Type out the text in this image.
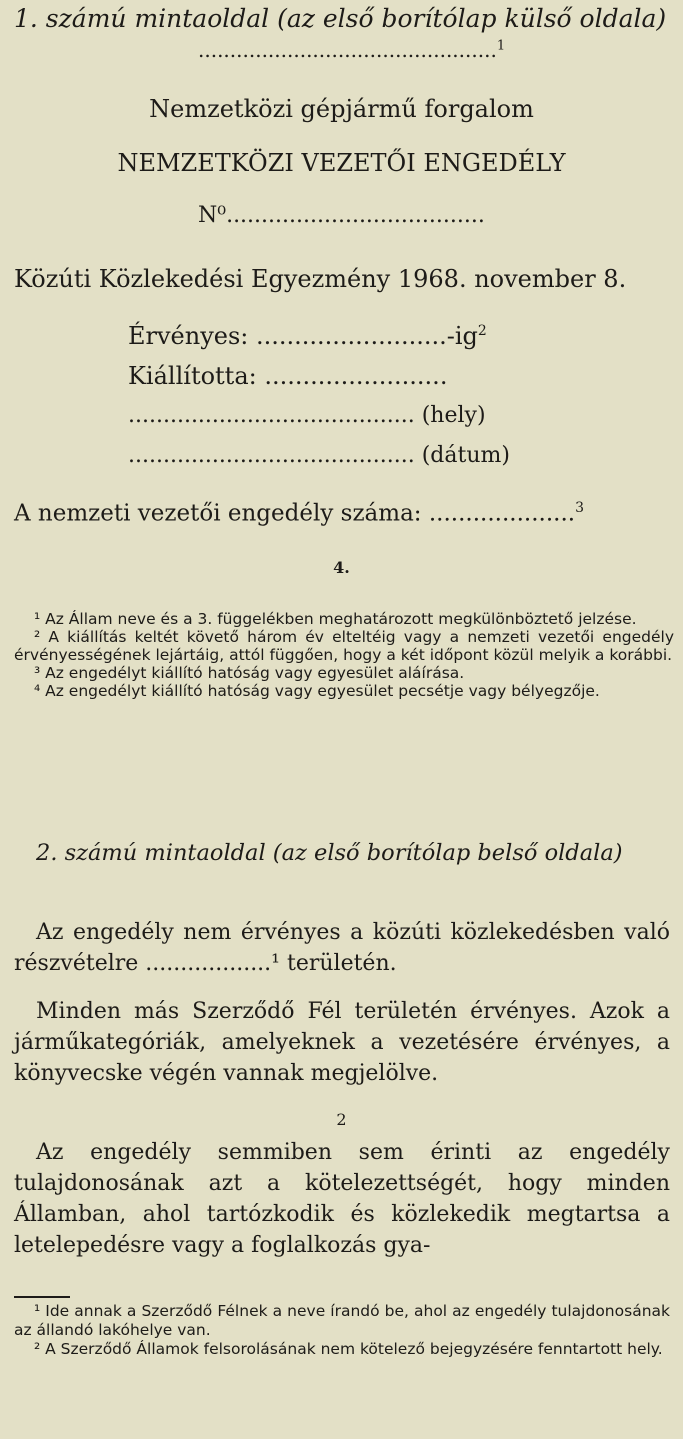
1. számú mintaoldal (az első borítólap külső oldala)
...............................................$^1$
Nemzetközi gépjármű forgalom
NEMZETKÖZI VEZETŐI ENGEDÉLY
N⁰.....................................
Közúti Közlekedési Egyezmény 1968. november 8.
Érvényes: $.........................-ig^2$
Kiállította: ........................
......................................... (hely)
......................................... (dátum)
A nemzeti vezetői engedély száma: ....................$^3$
4.
¹ Az Állam neve és a 3. függelékben meghatározott megkülönböztető jelzése.
² A kiállítás keltét követő három év elteltéig vagy a nemzeti vezetői engedély érvényességének lejártáig, attól függően, hogy a két időpont közül melyik a korábbi.
³ Az engedélyt kiállító hatóság vagy egyesület aláírása.
⁴ Az engedélyt kiállító hatóság vagy egyesület pecsétje vagy bélyegzője.
2. számú mintaoldal (az első borítólap belső oldala)
Az engedély nem érvényes a közúti közlekedésben való részvételre ..................¹ területén.
Minden más Szerződő Fél területén érvényes. Azok a járműkategóriák, amelyeknek a vezetésére érvényes, a könyvecske végén vannak megjelölve.
2
Az engedély semmiben sem érinti az engedély tulajdonosának azt a kötelezettségét, hogy minden Államban, ahol tartózkodik és közlekedik megtartsa a letelepedésre vagy a foglalkozás gya-
¹ Ide annak a Szerződő Félnek a neve írandó be, ahol az engedély tulajdonosának az állandó lakóhelye van.
² A Szerződő Államok felsorolásának nem kötelező bejegyzésére fenntartott hely.
